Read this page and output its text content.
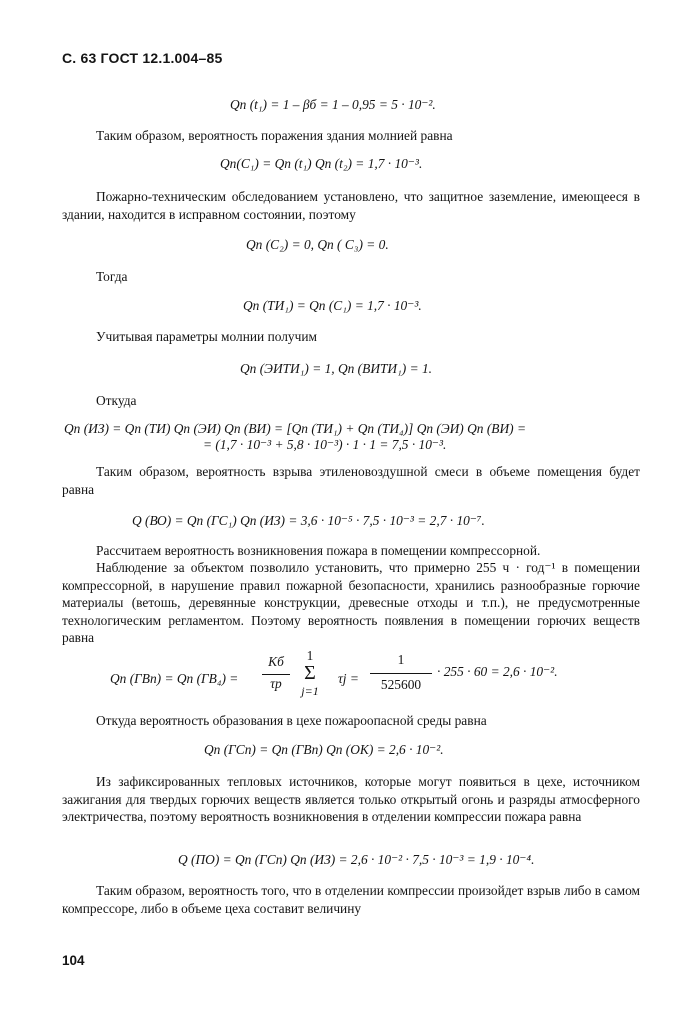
С. 63 ГОСТ 12.1.004–85
Qп (t₁) = 1 – βб = 1 – 0,95 = 5 · 10⁻².
Таким образом, вероятность поражения здания молнией равна
Qп(C₁) = Qп (t₁) Qп (t₂) = 1,7 · 10⁻³.
Пожарно-техническим обследованием установлено, что защитное заземление, имеющееся в здании, находится в исправном состоянии, поэтому
Qп (C₂) = 0, Qп ( C₃) = 0.
Тогда
Qп (ТИ₁) = Qп (C₁) = 1,7 · 10⁻³.
Учитывая параметры молнии получим
Qп (ЭИТИ₁) = 1, Qп (ВИТИ₁) = 1.
Откуда
Qп (ИЗ) = Qп (ТИ) Qп (ЭИ) Qп (ВИ) = [Qп (ТИ₁) + Qп (ТИ₄)] Qп (ЭИ) Qп (ВИ) =
= (1,7 · 10⁻³ + 5,8 · 10⁻³) · 1 · 1 = 7,5 · 10⁻³.
Таким образом, вероятность взрыва этиленовоздушной смеси в объеме помещения будет равна
Q (ВО) = Qп (ГС₁) Qп (ИЗ) = 3,6 · 10⁻⁵ · 7,5 · 10⁻³ = 2,7 · 10⁻⁷.
Рассчитаем вероятность возникновения пожара в помещении компрессорной.
Наблюдение за объектом позволило установить, что примерно 255 ч · год⁻¹ в помещении компрессорной, в нарушение правил пожарной безопасности, хранились разнообразные горючие материалы (ветошь, деревянные конструкции, древесные отходы и т.п.), не предусмотренные технологическим регламентом. Поэтому вероятность появления в помещении горючих веществ равна
Qп (ГВп) = Qп (ГВ₄) =
Кб
τр
1
Σ
j=1
τj =
1
525600
· 255 · 60 = 2,6 · 10⁻².
Откуда вероятность образования в цехе пожароопасной среды равна
Qп (ГСп) = Qп (ГВп) Qп (ОК) = 2,6 · 10⁻².
Из зафиксированных тепловых источников, которые могут появиться в цехе, источником зажигания для твердых горючих веществ является только открытый огонь и разряды атмосферного электричества, поэтому вероятность возникновения в отделении компрессии пожара равна
Q (ПО) = Qп (ГСп) Qп (ИЗ) = 2,6 · 10⁻² · 7,5 · 10⁻³ = 1,9 · 10⁻⁴.
Таким образом, вероятность того, что в отделении компрессии произойдет взрыв либо в самом компрессоре, либо в объеме цеха составит величину
104
